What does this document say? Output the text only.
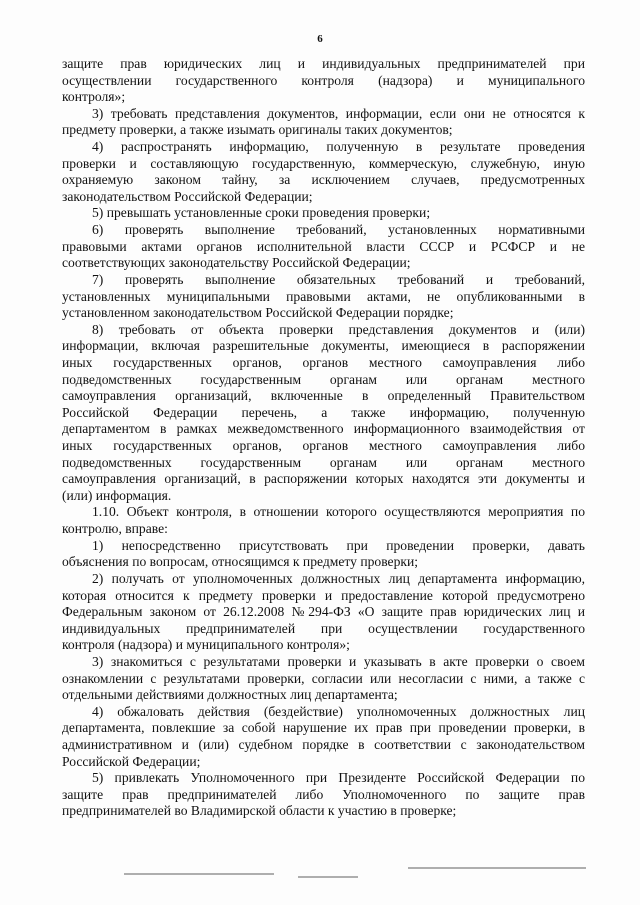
6
защите прав юридических лиц и индивидуальных предпринимателей при
осуществлении государственного контроля (надзора) и муниципального
контроля»;
3) требовать представления документов, информации, если они не относятся к
предмету проверки, а также изымать оригиналы таких документов;
4) распространять информацию, полученную в результате проведения
проверки и составляющую государственную, коммерческую, служебную, иную
охраняемую законом тайну, за исключением случаев, предусмотренных
законодательством Российской Федерации;
5) превышать установленные сроки проведения проверки;
6) проверять выполнение требований, установленных нормативными
правовыми актами органов исполнительной власти СССР и РСФСР и не
соответствующих законодательству Российской Федерации;
7) проверять выполнение обязательных требований и требований,
установленных муниципальными правовыми актами, не опубликованными в
установленном законодательством Российской Федерации порядке;
8) требовать от объекта проверки представления документов и (или)
информации, включая разрешительные документы, имеющиеся в распоряжении
иных государственных органов, органов местного самоуправления либо
подведомственных государственным органам или органам местного
самоуправления организаций, включенные в определенный Правительством
Российской Федерации перечень, а также информацию, полученную
департаментом в рамках межведомственного информационного взаимодействия от
иных государственных органов, органов местного самоуправления либо
подведомственных государственным органам или органам местного
самоуправления организаций, в распоряжении которых находятся эти документы и
(или) информация.
1.10. Объект контроля, в отношении которого осуществляются мероприятия по
контролю, вправе:
1) непосредственно присутствовать при проведении проверки, давать
объяснения по вопросам, относящимся к предмету проверки;
2) получать от уполномоченных должностных лиц департамента информацию,
которая относится к предмету проверки и предоставление которой предусмотрено
Федеральным законом от 26.12.2008 №294-ФЗ «О защите прав юридических лиц и
индивидуальных предпринимателей при осуществлении государственного
контроля (надзора) и муниципального контроля»;
3) знакомиться с результатами проверки и указывать в акте проверки о своем
ознакомлении с результатами проверки, согласии или несогласии с ними, а также с
отдельными действиями должностных лиц департамента;
4) обжаловать действия (бездействие) уполномоченных должностных лиц
департамента, повлекшие за собой нарушение их прав при проведении проверки, в
административном и (или) судебном порядке в соответствии с законодательством
Российской Федерации;
5) привлекать Уполномоченного при Президенте Российской Федерации по
защите прав предпринимателей либо Уполномоченного по защите прав
предпринимателей во Владимирской области к участию в проверке;
